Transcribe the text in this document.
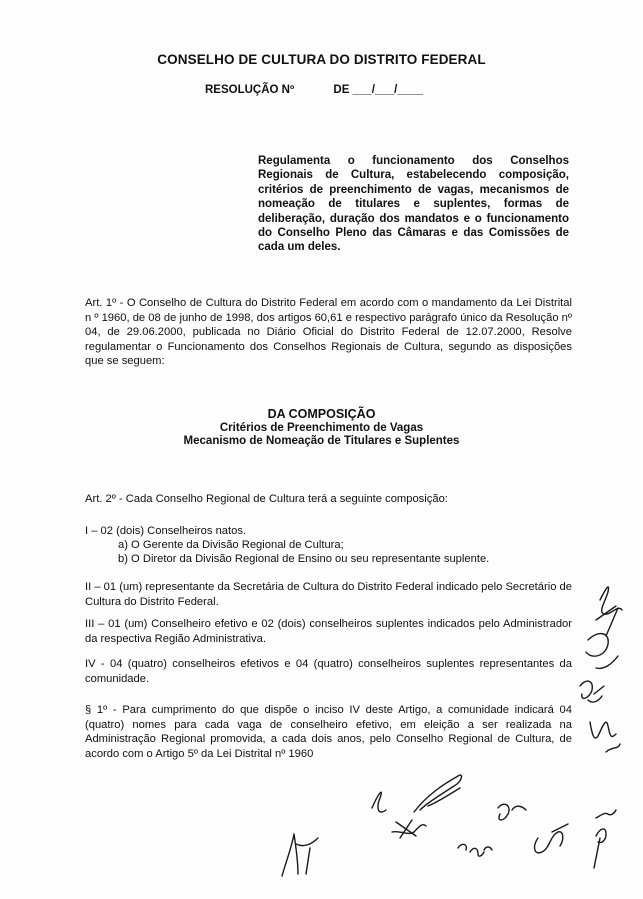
CONSELHO DE CULTURA DO DISTRITO FEDERAL
RESOLUÇÃO Nº	DE ___/___/____
Regulamenta o funcionamento dos Conselhos Regionais de Cultura, estabelecendo composição, critérios de preenchimento de vagas, mecanismos de nomeação de titulares e suplentes, formas de deliberação, duração dos mandatos e o funcionamento do Conselho Pleno das Câmaras e das Comissões de cada um deles.
Art. 1º - O Conselho de Cultura do Distrito Federal em acordo com o mandamento da Lei Distrital n º 1960, de 08 de junho de 1998, dos artigos 60,61 e respectivo parágrafo único da Resolução nº 04, de 29.06.2000, publicada no Diário Oficial do Distrito Federal de 12.07.2000, Resolve regulamentar o Funcionamento dos Conselhos Regionais de Cultura, segundo as disposições que se seguem:
DA COMPOSIÇÃO
Critérios de Preenchimento de Vagas
Mecanismo de Nomeação de Titulares e Suplentes
Art. 2º - Cada Conselho Regional de Cultura terá a seguinte composição:
I – 02 (dois) Conselheiros natos.
a) O Gerente da Divisão Regional de Cultura;
b) O Diretor da Divisão Regional de Ensino ou seu representante suplente.
II – 01 (um) representante da Secretária de Cultura do Distrito Federal indicado pelo Secretário de Cultura do Distrito Federal.
III – 01 (um) Conselheiro efetivo e 02 (dois) conselheiros suplentes indicados pelo Administrador da respectiva Região Administrativa.
IV - 04 (quatro) conselheiros efetivos e 04 (quatro) conselheiros suplentes representantes da comunidade.
§ 1º - Para cumprimento do que dispõe o inciso IV deste Artigo, a comunidade indicará 04 (quatro) nomes para cada vaga de conselheiro efetivo, em eleição a ser realizada na Administração Regional promovida, a cada dois anos, pelo Conselho Regional de Cultura, de acordo com o Artigo 5º da Lei Distrital nº 1960
